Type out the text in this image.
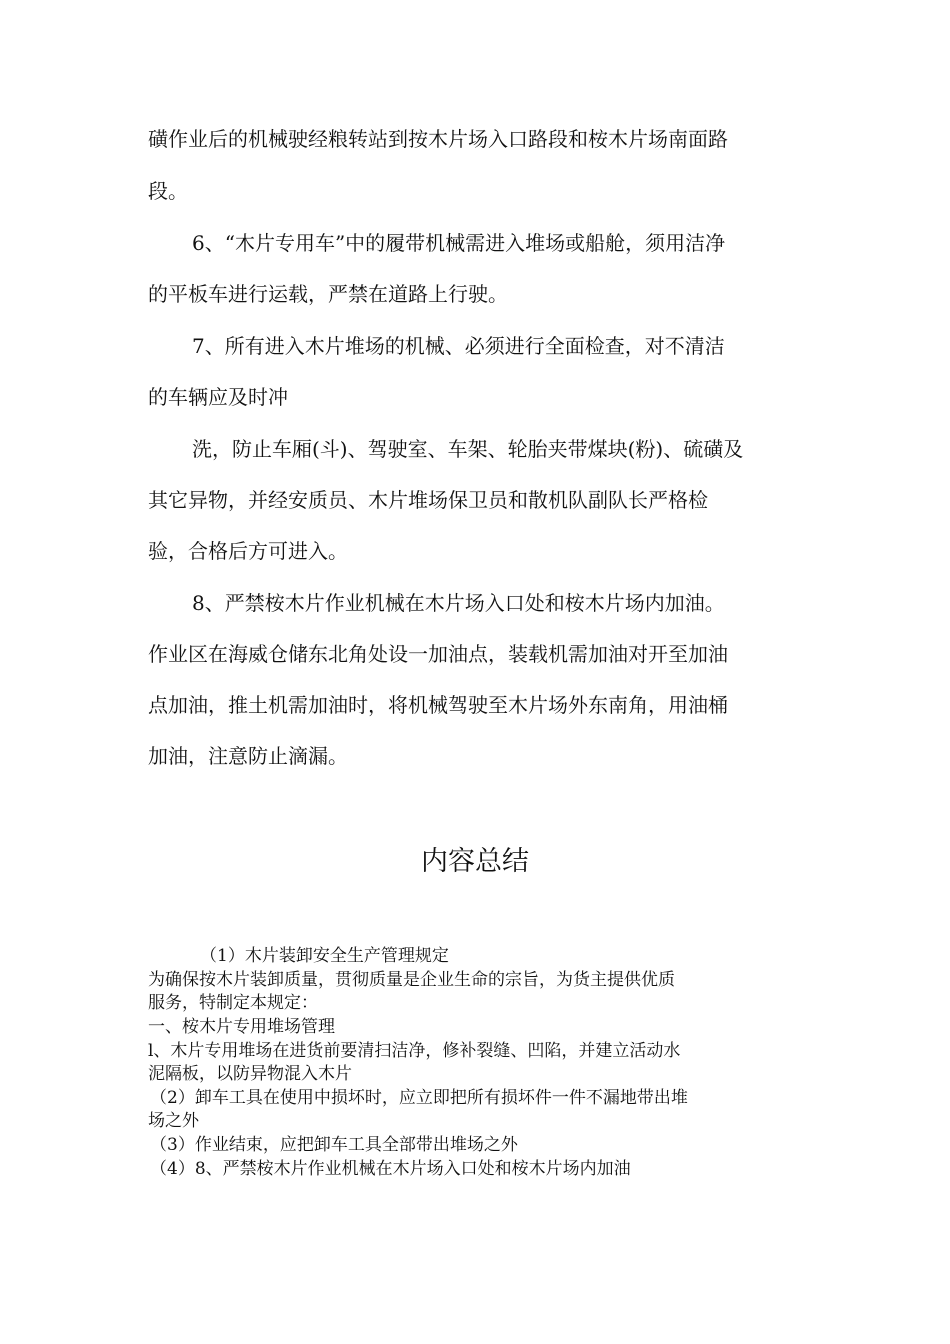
磺作业后的机械驶经粮转站到按木片场入口路段和桉木片场南面路
段。
6、“木片专用车”中的履带机械需进入堆场或船舱，须用洁净
的平板车进行运载，严禁在道路上行驶。
7、所有进入木片堆场的机械、必须进行全面检查，对不清洁
的车辆应及时冲
洗，防止车厢(斗)、驾驶室、车架、轮胎夹带煤块(粉)、硫磺及
其它异物，并经安质员、木片堆场保卫员和散机队副队长严格检
验，合格后方可进入。
8、严禁桉木片作业机械在木片场入口处和桉木片场内加油。
作业区在海威仓储东北角处设一加油点，装载机需加油对开至加油
点加油，推土机需加油时，将机械驾驶至木片场外东南角，用油桶
加油，注意防止滴漏。
内容总结
（1）木片装卸安全生产管理规定
为确保按木片装卸质量，贯彻质量是企业生命的宗旨，为货主提供优质
服务，特制定本规定：
一、桉木片专用堆场管理
l、木片专用堆场在进货前要清扫洁净，修补裂缝、凹陷，并建立活动水
泥隔板，以防异物混入木片
（2）卸车工具在使用中损坏时，应立即把所有损坏件一件不漏地带出堆
场之外
（3）作业结束，应把卸车工具全部带出堆场之外
（4）8、严禁桉木片作业机械在木片场入口处和桉木片场内加油
